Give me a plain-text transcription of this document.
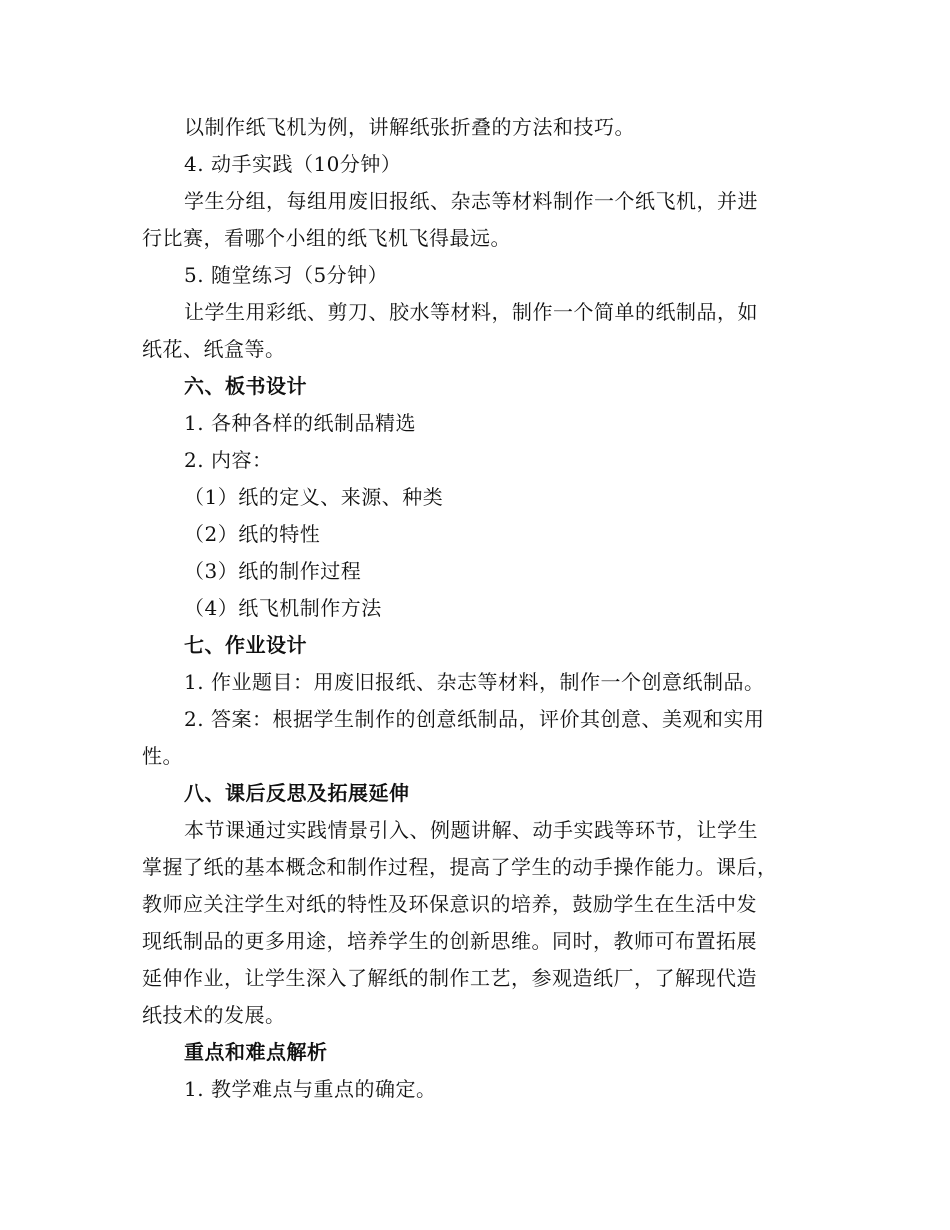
以制作纸飞机为例，讲解纸张折叠的方法和技巧。
4. 动手实践（10分钟）
学生分组，每组用废旧报纸、杂志等材料制作一个纸飞机，并进
行比赛，看哪个小组的纸飞机飞得最远。
5. 随堂练习（5分钟）
让学生用彩纸、剪刀、胶水等材料，制作一个简单的纸制品，如
纸花、纸盒等。
六、板书设计
1. 各种各样的纸制品精选
2. 内容：
（1）纸的定义、来源、种类
（2）纸的特性
（3）纸的制作过程
（4）纸飞机制作方法
七、作业设计
1. 作业题目：用废旧报纸、杂志等材料，制作一个创意纸制品。
2. 答案：根据学生制作的创意纸制品，评价其创意、美观和实用
性。
八、课后反思及拓展延伸
本节课通过实践情景引入、例题讲解、动手实践等环节，让学生
掌握了纸的基本概念和制作过程，提高了学生的动手操作能力。课后，
教师应关注学生对纸的特性及环保意识的培养，鼓励学生在生活中发
现纸制品的更多用途，培养学生的创新思维。同时，教师可布置拓展
延伸作业，让学生深入了解纸的制作工艺，参观造纸厂，了解现代造
纸技术的发展。
重点和难点解析
1. 教学难点与重点的确定。
